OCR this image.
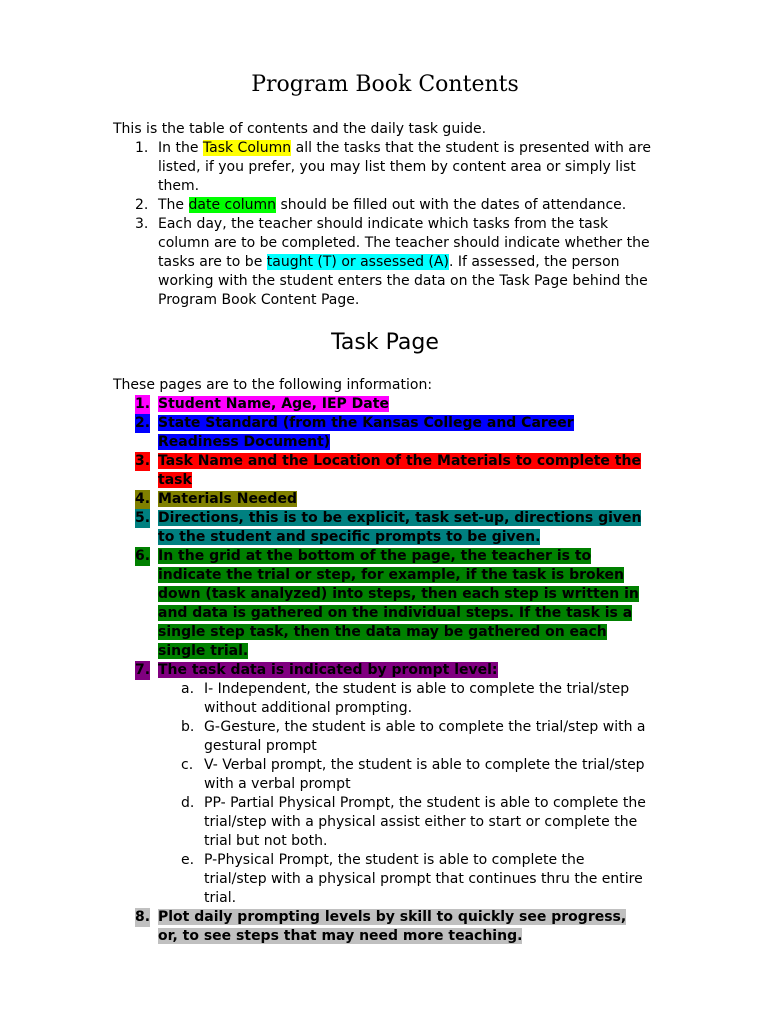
Program Book Contents

This is the table of contents and the daily task guide.

1. In the Task Column all the tasks that the student is presented with are listed, if you prefer, you may list them by content area or simply list them.
2. The date column should be filled out with the dates of attendance.
3. Each day, the teacher should indicate which tasks from the task column are to be completed. The teacher should indicate whether the tasks are to be taught (T) or assessed (A). If assessed, the person working with the student enters the data on the Task Page behind the Program Book Content Page.
Task Page

These pages are to the following information:

1. Student Name, Age, IEP Date
2. State Standard (from the Kansas College and Career Readiness Document)
3. Task Name and the Location of the Materials to complete the task
4. Materials Needed
5. Directions, this is to be explicit, task set-up, directions given to the student and specific prompts to be given.
6. In the grid at the bottom of the page, the teacher is to indicate the trial or step, for example, if the task is broken down (task analyzed) into steps, then each step is written in and data is gathered on the individual steps. If the task is a single step task, then the data may be gathered on each single trial.
7. The task data is indicated by prompt level:
a. I- Independent, the student is able to complete the trial/step without additional prompting.
b. G-Gesture, the student is able to complete the trial/step with a gestural prompt
c. V- Verbal prompt, the student is able to complete the trial/step with a verbal prompt
d. PP- Partial Physical Prompt, the student is able to complete the trial/step with a physical assist either to start or complete the trial but not both.
e. P-Physical Prompt, the student is able to complete the trial/step with a physical prompt that continues thru the entire trial.
8. Plot daily prompting levels by skill to quickly see progress, or, to see steps that may need more teaching.
